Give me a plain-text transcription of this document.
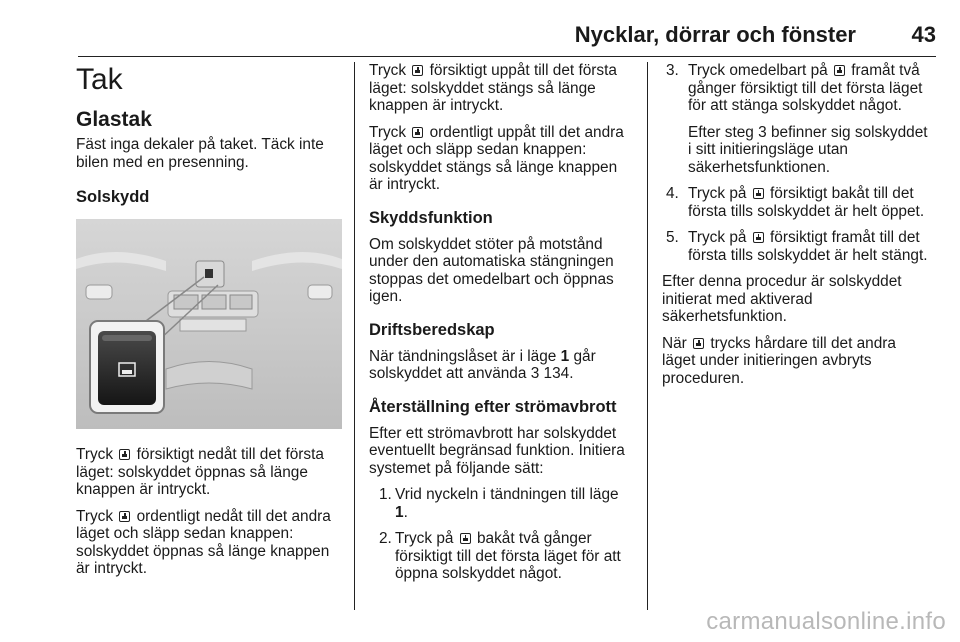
Nycklar, dörrar och fönster	43
Tak
Glastak

Fäst inga dekaler på taket. Täck inte bilen med en presenning.

Solskydd

Tryck  försiktigt nedåt till det första läget: solskyddet öppnas så länge knappen är intryckt.

Tryck  ordentligt nedåt till det andra läget och släpp sedan knappen: solskyddet öppnas så länge knappen är intryckt.

Tryck  försiktigt uppåt till det första läget: solskyddet stängs så länge knappen är intryckt.

Tryck  ordentligt uppåt till det andra läget och släpp sedan knappen: solskyddet stängs så länge knappen är intryckt.

Skyddsfunktion

Om solskyddet stöter på motstånd under den automatiska stängningen stoppas det omedelbart och öppnas igen.

Driftsberedskap

När tändningslåset är i läge 1 går solskyddet att använda 3 134.

Återställning efter strömavbrott

Efter ett strömavbrott har solskyddet eventuellt begränsad funktion. Initiera systemet på följande sätt:

1. Vrid nyckeln i tändningen till läge 1.
2. Tryck på  bakåt två gånger försiktigt till det första läget för att öppna solskyddet något.
3. Tryck omedelbart på  framåt två gånger försiktigt till det första läget för att stänga solskyddet något.
Efter steg 3 befinner sig solskyddet i sitt initieringsläge utan säkerhetsfunktionen.
4. Tryck på  försiktigt bakåt till det första tills solskyddet är helt öppet.
5. Tryck på  försiktigt framåt till det första tills solskyddet är helt stängt.

Efter denna procedur är solskyddet initierat med aktiverad säkerhetsfunktion.

När  trycks hårdare till det andra läget under initieringen avbryts proceduren.

carmanualsonline.info
